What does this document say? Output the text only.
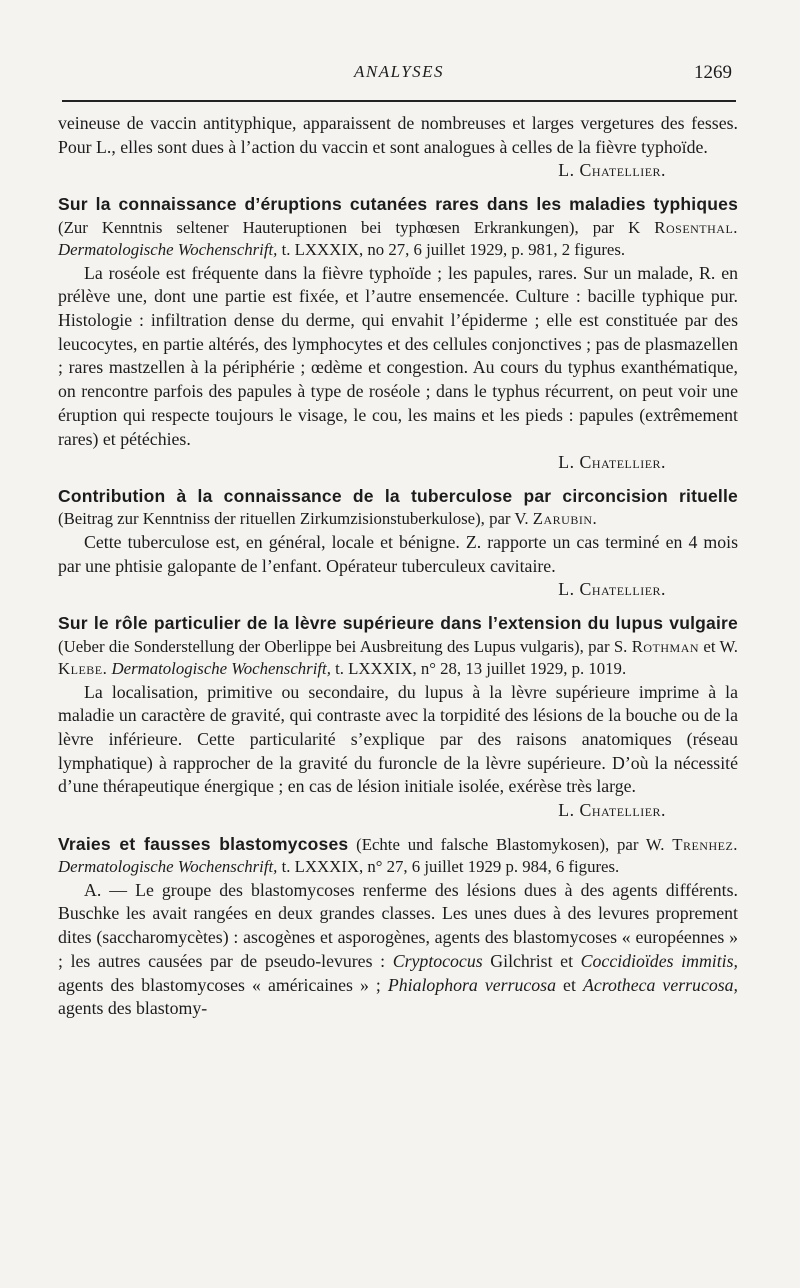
ANALYSES	1269

veineuse de vaccin antityphique, apparaissent de nombreuses et larges vergetures des fesses. Pour L., elles sont dues à l’action du vaccin et sont analogues à celles de la fièvre typhoïde.

L. Chatellier.

Sur la connaissance d’éruptions cutanées rares dans les maladies typhiques (Zur Kenntnis seltener Hauteruptionen bei typhœsen Erkrankungen), par K Rosenthal. Dermatologische Wochenschrift, t. LXXXIX, no 27, 6 juillet 1929, p. 981, 2 figures.

La roséole est fréquente dans la fièvre typhoïde ; les papules, rares. Sur un malade, R. en prélève une, dont une partie est fixée, et l’autre ensemencée. Culture : bacille typhique pur. Histologie : infiltration dense du derme, qui envahit l’épiderme ; elle est constituée par des leucocytes, en partie altérés, des lymphocytes et des cellules conjonctives ; pas de plasmazellen ; rares mastzellen à la périphérie ; œdème et congestion. Au cours du typhus exanthématique, on rencontre parfois des papules à type de roséole ; dans le typhus récurrent, on peut voir une éruption qui respecte toujours le visage, le cou, les mains et les pieds : papules (extrêmement rares) et pétéchies.

L. Chatellier.

Contribution à la connaissance de la tuberculose par circoncision rituelle (Beitrag zur Kenntniss der rituellen Zirkumzisionstuberkulose), par V. Zarubin.

Cette tuberculose est, en général, locale et bénigne. Z. rapporte un cas terminé en 4 mois par une phtisie galopante de l’enfant. Opérateur tuberculeux cavitaire.

L. Chatellier.

Sur le rôle particulier de la lèvre supérieure dans l’extension du lupus vulgaire (Ueber die Sonderstellung der Oberlippe bei Ausbreitung des Lupus vulgaris), par S. Rothman et W. Klebe. Dermatologische Wochenschrift, t. LXXXIX, n° 28, 13 juillet 1929, p. 1019.

La localisation, primitive ou secondaire, du lupus à la lèvre supérieure imprime à la maladie un caractère de gravité, qui contraste avec la torpidité des lésions de la bouche ou de la lèvre inférieure. Cette particularité s’explique par des raisons anatomiques (réseau lymphatique) à rapprocher de la gravité du furoncle de la lèvre supérieure. D’où la nécessité d’une thérapeutique énergique ; en cas de lésion initiale isolée, exérèse très large.

L. Chatellier.

Vraies et fausses blastomycoses (Echte und falsche Blastomykosen), par W. Trenhez. Dermatologische Wochenschrift, t. LXXXIX, n° 27, 6 juillet 1929 p. 984, 6 figures.

A. — Le groupe des blastomycoses renferme des lésions dues à des agents différents. Buschke les avait rangées en deux grandes classes. Les unes dues à des levures proprement dites (saccharomycètes) : ascogènes et asporogènes, agents des blastomycoses « européennes » ; les autres causées par de pseudo-levures : Cryptococus Gilchrist et Coccidioïdes immitis, agents des blastomycoses « américaines » ; Phialophora verrucosa et Acrotheca verrucosa, agents des blastomy-
